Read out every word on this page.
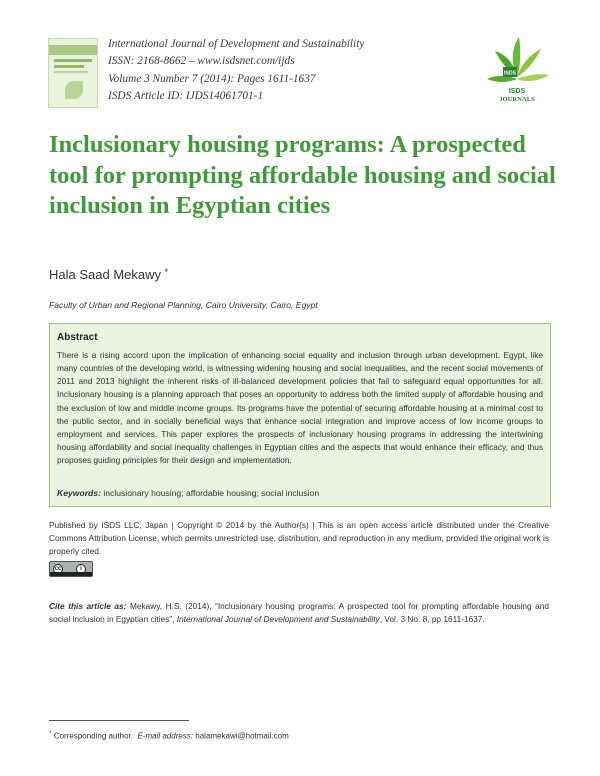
International Journal of Development and Sustainability
ISSN: 2168-8662 – www.isdsnet.com/ijds
Volume 3 Number 7 (2014): Pages 1611-1637
ISDS Article ID: IJDS14061701-1
ISDS
ISDS
JOURNALS
Inclusionary housing programs: A prospected tool for prompting affordable housing and social inclusion in Egyptian cities
Hala Saad Mekawy *
Faculty of Urban and Regional Planning, Cairo University, Cairo, Egypt
Abstract
There is a rising accord upon the implication of enhancing social equality and inclusion through urban development. Egypt, like many countries of the developing world, is witnessing widening housing and social inequalities, and the recent social movements of 2011 and 2013 highlight the inherent risks of ill-balanced development policies that fail to safeguard equal opportunities for all. Inclusionary housing is a planning approach that poses an opportunity to address both the limited supply of affordable housing and the exclusion of low and middle income groups. Its programs have the potential of securing affordable housing at a minimal cost to the public sector, and in socially beneficial ways that enhance social integration and improve access of low income groups to employment and services. This paper explores the prospects of inclusionary housing programs in addressing the intertwining housing affordability and social inequality challenges in Egyptian cities and the aspects that would enhance their efficacy, and thus proposes guiding principles for their design and implementation.
Keywords: inclusionary housing; affordable housing; social inclusion
Published by ISDS LLC, Japan | Copyright © 2014 by the Author(s) | This is an open access article distributed under the Creative Commons Attribution License, which permits unrestricted use, distribution, and reproduction in any medium, provided the original work is properly cited.
cc	i
Cite this article as: Mekawy, H.S. (2014), “Inclusionary housing programs: A prospected tool for prompting affordable housing and social inclusion in Egyptian cities”, International Journal of Development and Sustainability, Vol. 3 No. 8, pp 1611-1637.
* Corresponding author. E-mail address: halamekawi@hotmail.com
